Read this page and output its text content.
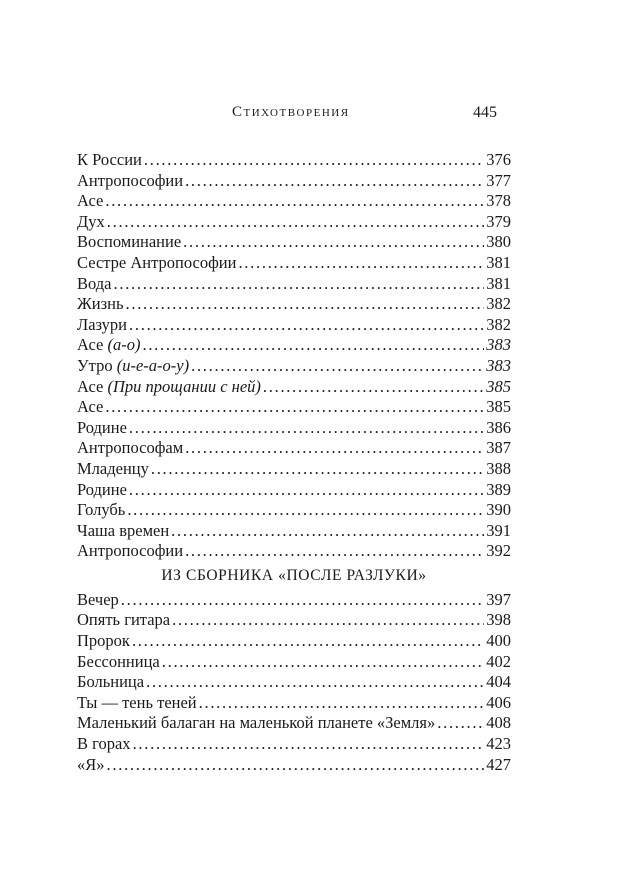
Стихотворения	445
К России . . .	376
Антропософии . . .	377
Асе . . .	378
Дух . . .	379
Воспоминание . . .	380
Сестре Антропософии . . .	381
Вода . . .	381
Жизнь . . .	382
Лазури . . .	382
Асе (а-о) . . .	383
Утро (и-е-а-о-у) . . .	383
Асе (При прощании с ней) . . .	385
Асе . . .	385
Родине . . .	386
Антропософам . . .	387
Младенцу . . .	388
Родине . . .	389
Голубь . . .	390
Чаша времен . . .	391
Антропософии . . .	392
ИЗ СБОРНИКА «ПОСЛЕ РАЗЛУКИ»
Вечер . . .	397
Опять гитара . . .	398
Пророк . . .	400
Бессонница . . .	402
Больница . . .	404
Ты — тень теней . . .	406
Маленький балаган на маленькой планете «Земля» . . .	408
В горах . . .	423
«Я» . . .	427
